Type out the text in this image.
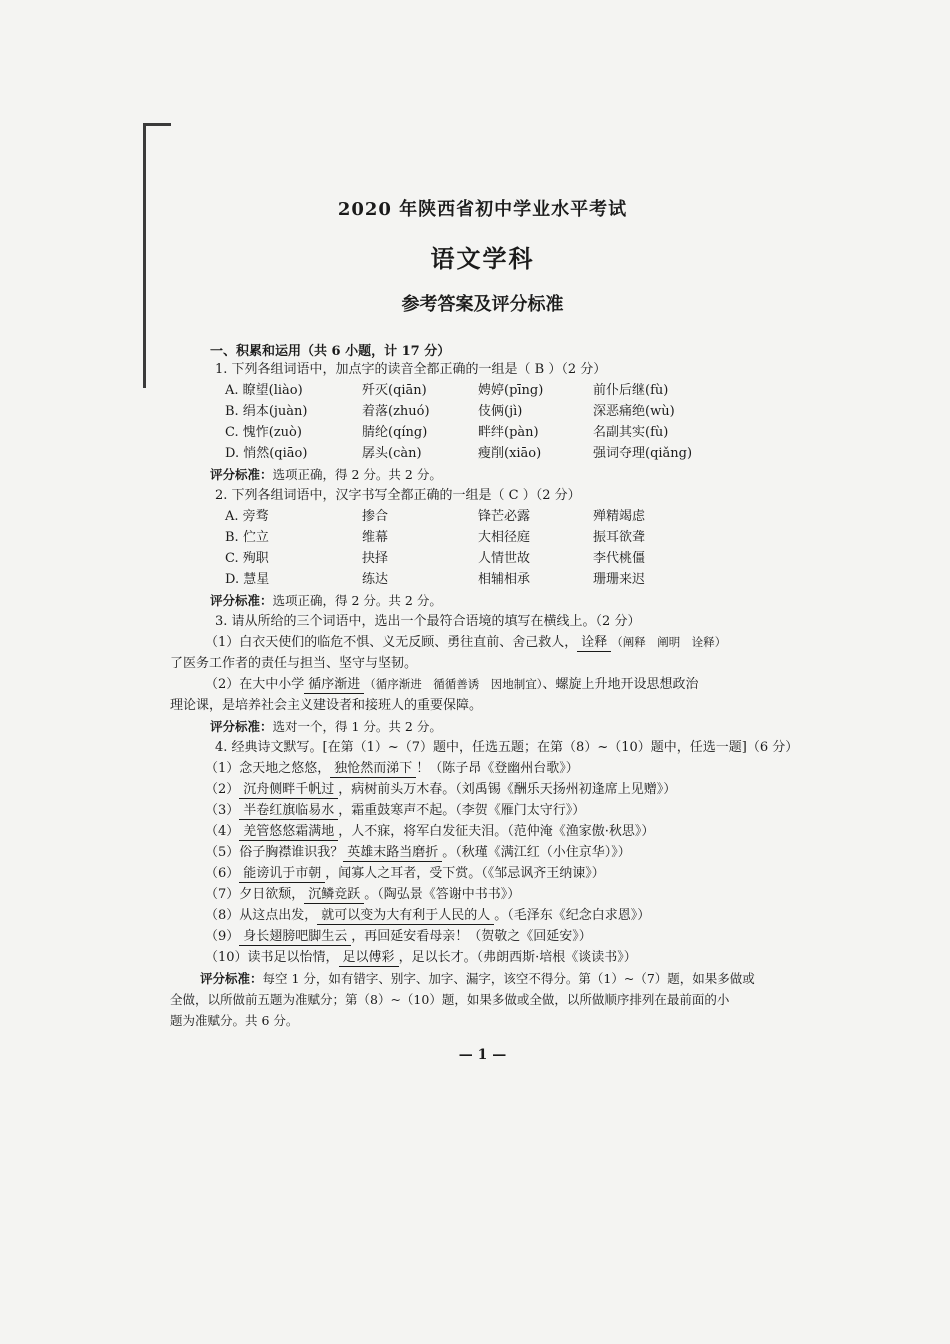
2020 年陕西省初中学业水平考试
语文学科
参考答案及评分标准
一、积累和运用（共 6 小题，计 17 分）
1. 下列各组词语中，加点字的读音全都正确的一组是（ B ）（2 分）
A. 瞭望(liào)	歼灭(qiān)	娉婷(pīng)	前仆后继(fù)
B. 绢本(juàn)	着落(zhuó)	伎俩(jì)	深恶痛绝(wù)
C. 愧怍(zuò)	腈纶(qíng)	畔绊(pàn)	名副其实(fù)
D. 悄然(qiāo)	孱头(càn)	瘦削(xiāo)	强词夺理(qiǎng)
评分标准：选项正确，得 2 分。共 2 分。
2. 下列各组词语中，汉字书写全都正确的一组是（ C ）（2 分）
A. 旁骛	掺合	锋芒必露	殚精竭虑
B. 伫立	维幕	大相径庭	振耳欲聋
C. 殉职	抉择	人情世故	李代桃僵
D. 慧星	练达	相辅相承	珊珊来迟
评分标准：选项正确，得 2 分。共 2 分。
3. 请从所给的三个词语中，选出一个最符合语境的填写在横线上。（2 分）
（1）白衣天使们的临危不惧、义无反顾、勇往直前、舍己救人， 诠释 （阐释　阐明　诠释）
了医务工作者的责任与担当、坚守与坚韧。
（2）在大中小学 循序渐进 （循序渐进　循循善诱　因地制宜）、螺旋上升地开设思想政治
理论课，是培养社会主义建设者和接班人的重要保障。
评分标准：选对一个，得 1 分。共 2 分。
4. 经典诗文默写。[在第（1）~（7）题中，任选五题；在第（8）~（10）题中，任选一题]（6 分）
（1）念天地之悠悠， 独怆然而涕下 ！（陈子昂《登幽州台歌》）
（2） 沉舟侧畔千帆过 ，病树前头万木春。（刘禹锡《酬乐天扬州初逢席上见赠》）
（3） 半卷红旗临易水 ，霜重鼓寒声不起。（李贺《雁门太守行》）
（4） 羌管悠悠霜满地 ，人不寐，将军白发征夫泪。（范仲淹《渔家傲·秋思》）
（5）俗子胸襟谁识我？ 英雄末路当磨折 。（秋瑾《满江红（小住京华）》）
（6） 能谤讥于市朝 ，闻寡人之耳者，受下赏。（《邹忌讽齐王纳谏》）
（7）夕日欲颓， 沉鳞竞跃 。（陶弘景《答谢中书书》）
（8）从这点出发， 就可以变为大有利于人民的人 。（毛泽东《纪念白求恩》）
（9） 身长翅膀吧脚生云 ，再回延安看母亲！（贺敬之《回延安》）
（10）读书足以怡情， 足以傅彩 ，足以长才。（弗朗西斯·培根《谈读书》）
评分标准：每空 1 分，如有错字、别字、加字、漏字，该空不得分。第（1）~（7）题，如果多做或
全做，以所做前五题为准赋分；第（8）~（10）题，如果多做或全做，以所做顺序排列在最前面的小
题为准赋分。共 6 分。
— 1 —
